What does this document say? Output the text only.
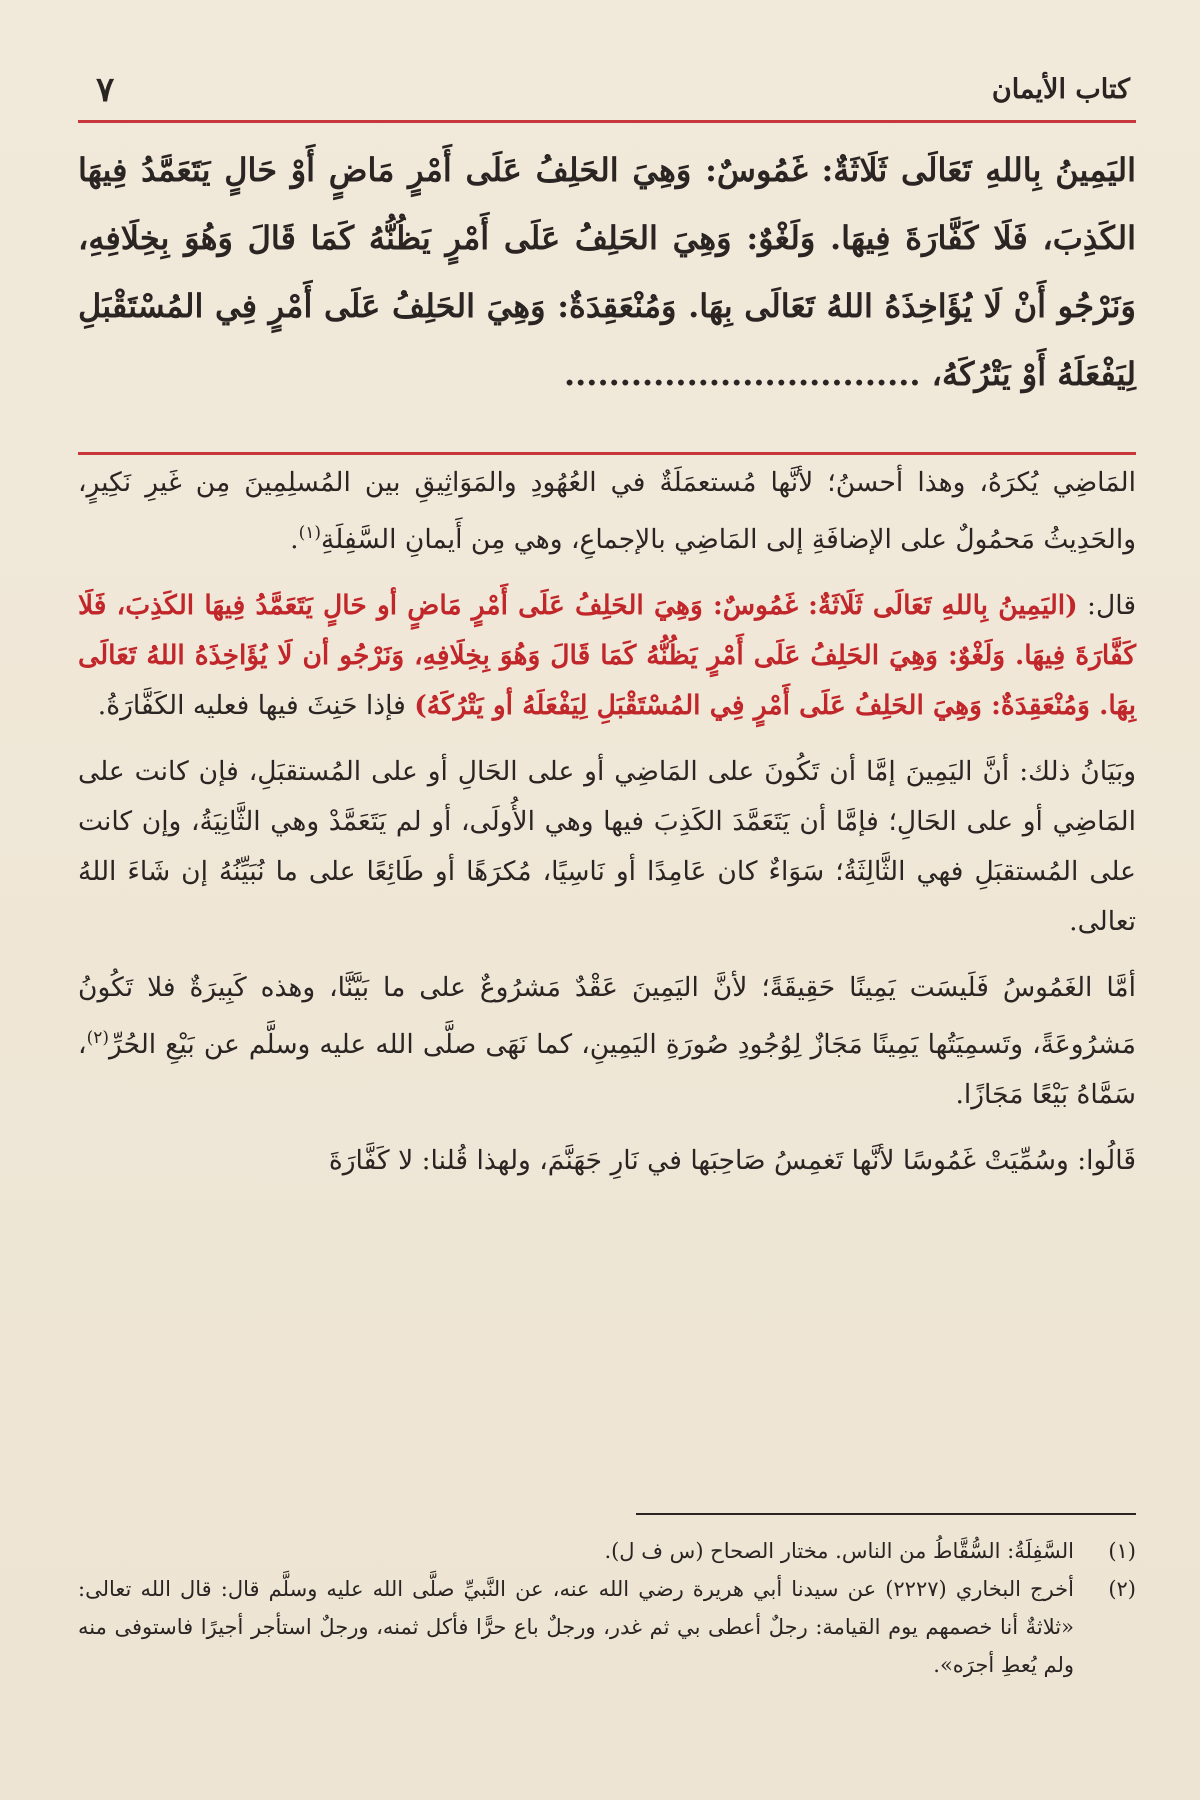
كتاب الأيمان
٧
اليَمِينُ بِاللهِ تَعَالَى ثَلَاثَةٌ: غَمُوسٌ: وَهِيَ الحَلِفُ عَلَى أَمْرٍ مَاضٍ أَوْ حَالٍ يَتَعَمَّدُ فِيهَا الكَذِبَ، فَلَا كَفَّارَةَ فِيهَا. وَلَغْوٌ: وَهِيَ الحَلِفُ عَلَى أَمْرٍ يَظُنُّهُ كَمَا قَالَ وَهُوَ بِخِلَافِهِ، وَنَرْجُو أَنْ لَا يُؤَاخِذَهُ اللهُ تَعَالَى بِهَا. وَمُنْعَقِدَةٌ: وَهِيَ الحَلِفُ عَلَى أَمْرٍ فِي المُسْتَقْبَلِ لِيَفْعَلَهُ أَوْ يَتْرُكَهُ، ................................

المَاضِي يُكرَهُ، وهذا أحسنُ؛ لأنَّها مُستعمَلَةٌ في العُهُودِ والمَوَاثِيقِ بين المُسلِمِينَ مِن غَيرِ نَكِيرٍ، والحَدِيثُ مَحمُولٌ على الإضافَةِ إلى المَاضِي بالإجماعِ، وهي مِن أَيمانِ السَّفِلَةِ$^{(١)}$.

قال: (اليَمِينُ بِاللهِ تَعَالَى ثَلَاثَةٌ: غَمُوسٌ: وَهِيَ الحَلِفُ عَلَى أَمْرٍ مَاضٍ أو حَالٍ يَتَعَمَّدُ فِيهَا الكَذِبَ، فَلَا كَفَّارَةَ فِيهَا. وَلَغْوٌ: وَهِيَ الحَلِفُ عَلَى أَمْرٍ يَظُنُّهُ كَمَا قَالَ وَهُوَ بِخِلَافِهِ، وَنَرْجُو أن لَا يُؤَاخِذَهُ اللهُ تَعَالَى بِهَا. وَمُنْعَقِدَةٌ: وَهِيَ الحَلِفُ عَلَى أَمْرٍ فِي المُسْتَقْبَلِ لِيَفْعَلَهُ أو يَتْرُكَهُ) فإذا حَنِثَ فيها فعليه الكَفَّارَةُ.

وبَيَانُ ذلك: أنَّ اليَمِينَ إمَّا أن تَكُونَ على المَاضِي أو على الحَالِ أو على المُستقبَلِ، فإن كانت على المَاضِي أو على الحَالِ؛ فإمَّا أن يَتَعَمَّدَ الكَذِبَ فيها وهي الأُولَى، أو لم يَتَعَمَّدْ وهي الثَّانِيَةُ، وإن كانت على المُستقبَلِ فهي الثَّالِثَةُ؛ سَوَاءٌ كان عَامِدًا أو نَاسِيًا، مُكرَهًا أو طَائِعًا على ما نُبَيِّنُهُ إن شَاءَ اللهُ تعالى.

أمَّا الغَمُوسُ فَلَيسَت يَمِينًا حَقِيقَةً؛ لأنَّ اليَمِينَ عَقْدٌ مَشرُوعٌ على ما بَيَّنَّا، وهذه كَبِيرَةٌ فلا تَكُونُ مَشرُوعَةً، وتَسمِيَتُها يَمِينًا مَجَازٌ لِوُجُودِ صُورَةِ اليَمِينِ، كما نَهَى صلَّى الله عليه وسلَّم عن بَيْعِ الحُرِّ$^{(٢)}$، سَمَّاهُ بَيْعًا مَجَازًا.

قَالُوا: وسُمِّيَتْ غَمُوسًا لأنَّها تَغمِسُ صَاحِبَها في نَارِ جَهَنَّمَ، ولهذا قُلنا: لا كَفَّارَةَ

(١)
السَّفِلَةُ: السُّقَّاطُ من الناس. مختار الصحاح (س ف ل).
(٢)
أخرج البخاري (٢٢٢٧) عن سيدنا أبي هريرة رضي الله عنه، عن النَّبيِّ صلَّى الله عليه وسلَّم قال: قال الله تعالى: «ثلاثةٌ أنا خصمهم يوم القيامة: رجلٌ أعطى بي ثم غدر، ورجلٌ باع حرًّا فأكل ثمنه، ورجلٌ استأجر أجيرًا فاستوفى منه ولم يُعطِ أجرَه».
